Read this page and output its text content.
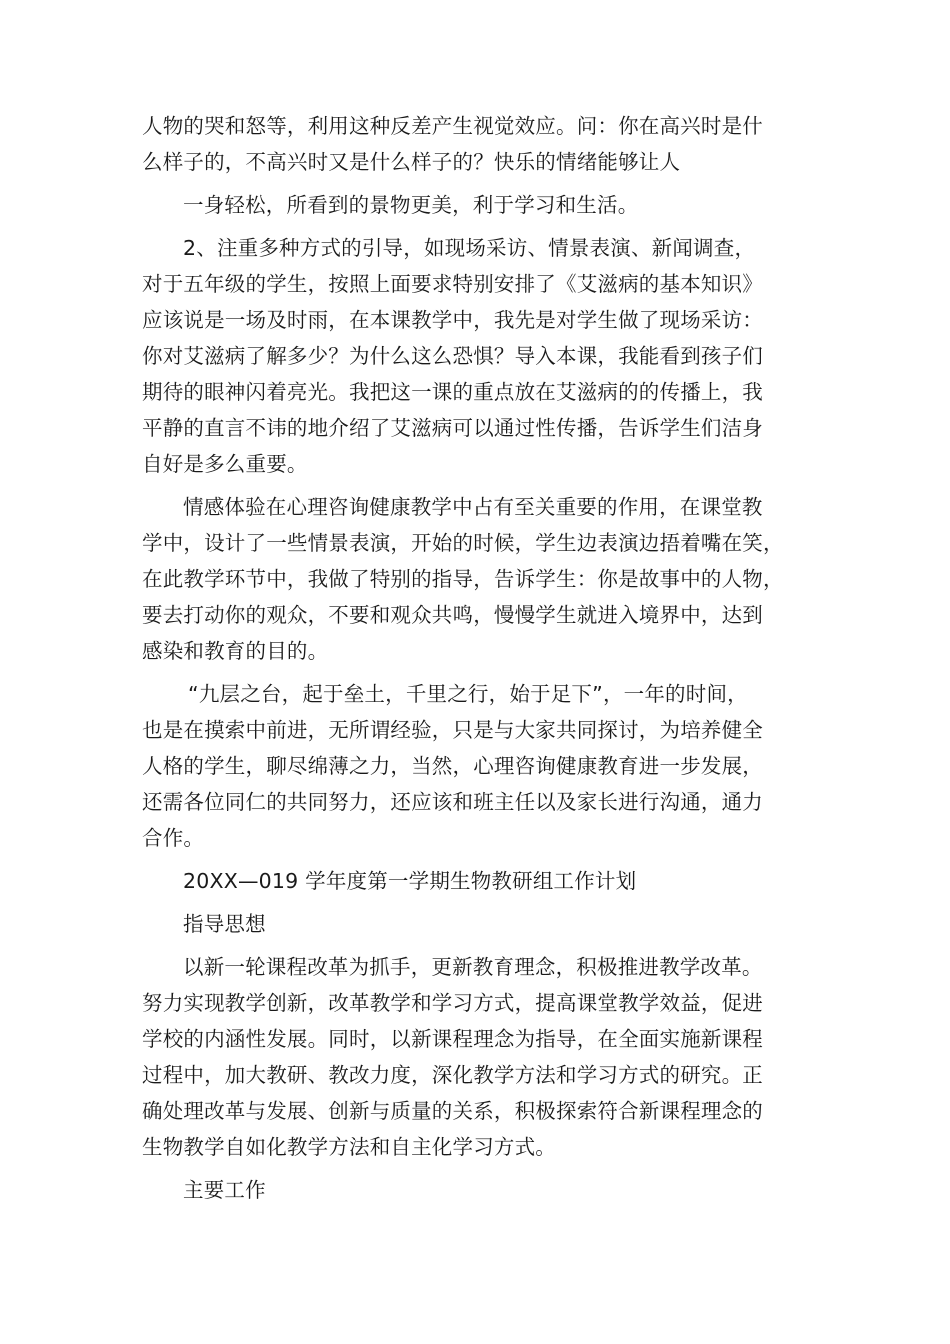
人物的哭和怒等，利用这种反差产生视觉效应。问：你在高兴时是什
么样子的，不高兴时又是什么样子的？快乐的情绪能够让人
一身轻松，所看到的景物更美，利于学习和生活。
2、注重多种方式的引导，如现场采访、情景表演、新闻调查，
对于五年级的学生，按照上面要求特别安排了《艾滋病的基本知识》
应该说是一场及时雨，在本课教学中，我先是对学生做了现场采访：
你对艾滋病了解多少？为什么这么恐惧？导入本课，我能看到孩子们
期待的眼神闪着亮光。我把这一课的重点放在艾滋病的的传播上，我
平静的直言不讳的地介绍了艾滋病可以通过性传播，告诉学生们洁身
自好是多么重要。
情感体验在心理咨询健康教学中占有至关重要的作用，在课堂教
学中，设计了一些情景表演，开始的时候，学生边表演边捂着嘴在笑，
在此教学环节中，我做了特别的指导，告诉学生：你是故事中的人物，
要去打动你的观众，不要和观众共鸣，慢慢学生就进入境界中，达到
感染和教育的目的。
“九层之台，起于垒土，千里之行，始于足下”，一年的时间，
也是在摸索中前进，无所谓经验，只是与大家共同探讨，为培养健全
人格的学生，聊尽绵薄之力，当然，心理咨询健康教育进一步发展，
还需各位同仁的共同努力，还应该和班主任以及家长进行沟通，通力
合作。
20XX—019 学年度第一学期生物教研组工作计划
指导思想
以新一轮课程改革为抓手，更新教育理念，积极推进教学改革。
努力实现教学创新，改革教学和学习方式，提高课堂教学效益，促进
学校的内涵性发展。同时，以新课程理念为指导，在全面实施新课程
过程中，加大教研、教改力度，深化教学方法和学习方式的研究。正
确处理改革与发展、创新与质量的关系，积极探索符合新课程理念的
生物教学自如化教学方法和自主化学习方式。
主要工作
